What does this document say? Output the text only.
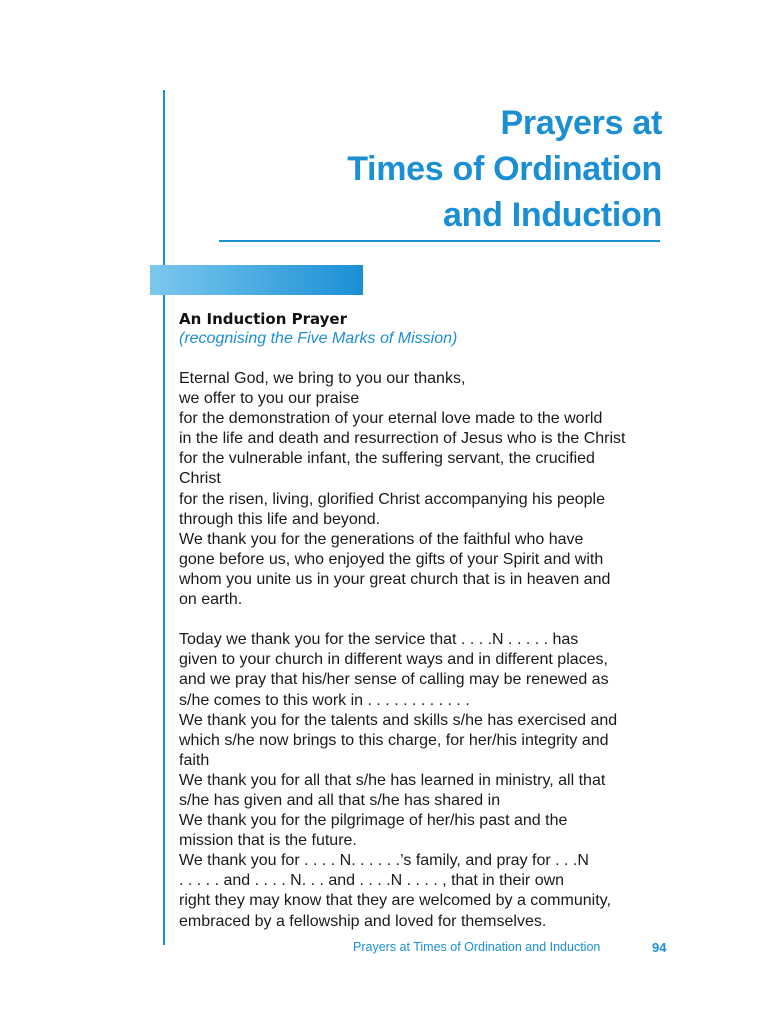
Prayers at
Times of Ordination
and Induction
An Induction Prayer
(recognising the Five Marks of Mission)
Eternal God, we bring to you our thanks,
we offer to you our praise
for the demonstration of your eternal love made to the world
in the life and death and resurrection of Jesus who is the Christ
for the vulnerable infant, the suffering servant, the crucified
Christ
for the risen, living, glorified Christ accompanying his people
through this life and beyond.
We thank you for the generations of the faithful who have
gone before us, who enjoyed the gifts of your Spirit and with
whom you unite us in your great church that is in heaven and
on earth.
Today we thank you for the service that . . . .N . . . . . has
given to your church in different ways and in different places,
and we pray that his/her sense of calling may be renewed as
s/he comes to this work in . . . . . . . . . . . .
We thank you for the talents and skills s/he has exercised and
which s/he now brings to this charge, for her/his integrity and
faith
We thank you for all that s/he has learned in ministry, all that
s/he has given and all that s/he has shared in
We thank you for the pilgrimage of her/his past and the
mission that is the future.
We thank you for . . . . N. . . . . .’s family, and pray for . . .N
. . . . . and . . . . N. . . and . . . .N . . . . , that in their own
right they may know that they are welcomed by a community,
embraced by a fellowship and loved for themselves.
Prayers at Times of Ordination and Induction	94
